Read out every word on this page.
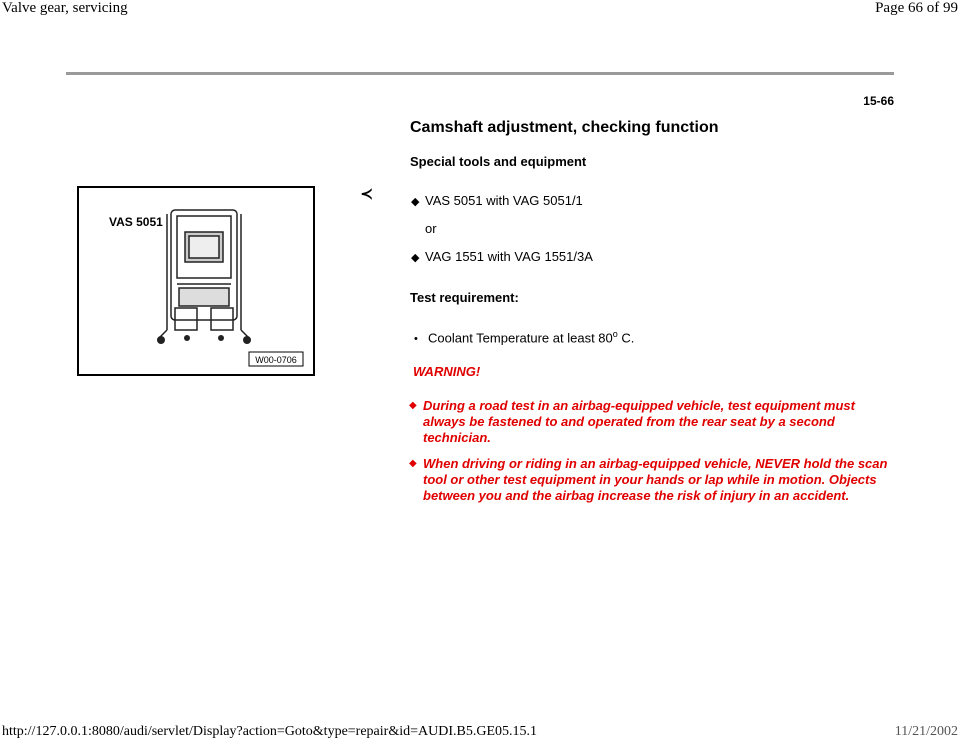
Valve gear, servicing	Page 66 of 99
15-66
Camshaft adjustment, checking function
Special tools and equipment
VAS 5051
W00-0706
≺	◆ VAS 5051 with VAG 5051/1
or
◆ VAG 1551 with VAG 1551/3A
Test requirement:
• Coolant Temperature at least 80$^o$ C.
WARNING!
◆ During a road test in an airbag-equipped vehicle, test equipment must always be fastened to and operated from the rear seat by a second technician.
◆ When driving or riding in an airbag-equipped vehicle, NEVER hold the scan tool or other test equipment in your hands or lap while in motion. Objects between you and the airbag increase the risk of injury in an accident.
http://127.0.0.1:8080/audi/servlet/Display?action=Goto&type=repair&id=AUDI.B5.GE05.15.1	11/21/2002
